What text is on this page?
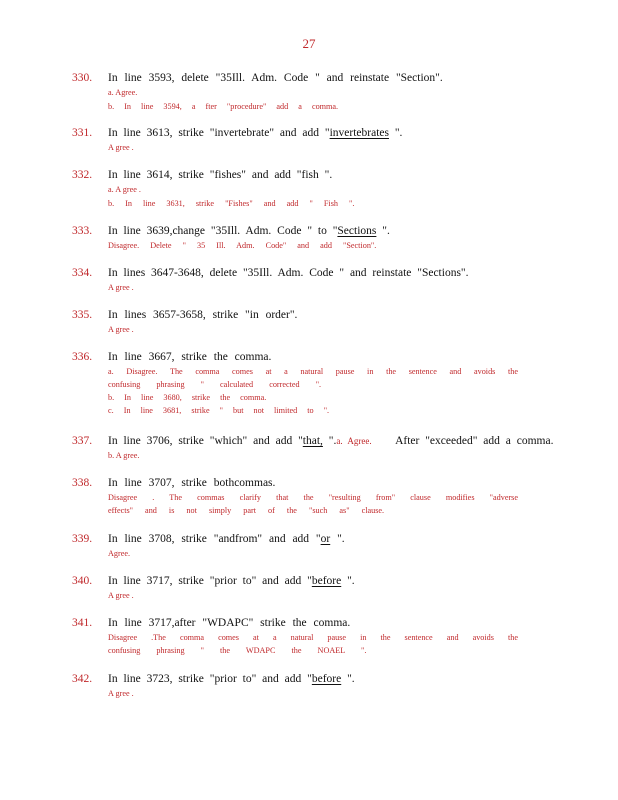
27
330. In line 3593, delete "35Ill. Adm. Code " and reinstate "Section".
a. Agree.
b. In line 3594, a fter "procedure" add a comma.
331. In line 3613, strike "invertebrate" and add "invertebrates ".
A gree .
332. In line 3614, strike "fishes" and add "fish ".
a. A gree .
b. In line 3631, strike "Fishes" and add " Fish ".
333. In line 3639,change "35Ill. Adm. Code " to "Sections ".
Disagree. Delete " 35 Ill. Adm. Code" and add "Section".
334. In lines 3647-3648, delete "35Ill. Adm. Code " and reinstate "Sections".
A gree .
335. In lines 3657-3658, strike "in order".
A gree .
336. In line 3667, strike the comma.
a. Disagree. The comma comes at a natural pause in the sentence and avoids the
confusing phrasing " calculated corrected ".
b. In line 3680, strike the comma.
c. In line 3681, strike " but not limited to ".
337. In line 3706, strike "which" and add "that, ".a. Agree. After "exceeded" add a comma.
b. A gree.
338. In line 3707, strike bothcommas.
Disagree . The commas clarify that the "resulting from" clause modifies "adverse
effects" and is not simply part of the "such as" clause.
339. In line 3708, strike "andfrom" and add "or ".
Agree.
340. In line 3717, strike "prior to" and add "before ".
A gree .
341. In line 3717,after "WDAPC" strike the comma.
Disagree .The comma comes at a natural pause in the sentence and avoids the
confusing phrasing " the WDAPC the NOAEL ".
342. In line 3723, strike "prior to" and add "before ".
A gree .
